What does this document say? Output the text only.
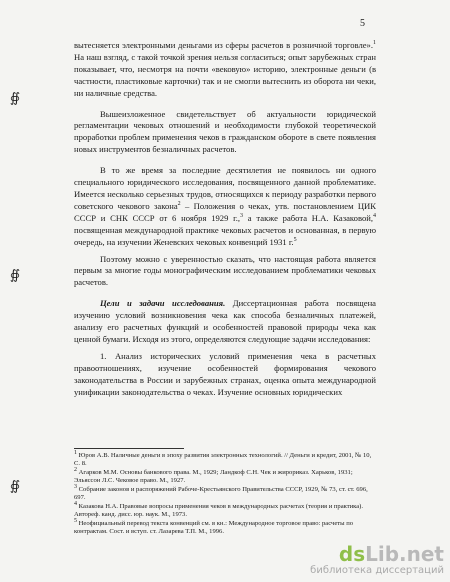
5
∯
∯
∯

вытесняется электронными деньгами из сферы расчетов в розничной торговле».$^1$ На наш взгляд, с такой точкой зрения нельзя согласиться; опыт зарубежных стран показывает, что, несмотря на почти «вековую» историю, электронные деньги (в частности, пластиковые карточки) так и не смогли вытеснить из оборота ни чеки, ни наличные средства.

Вышеизложенное свидетельствует об актуальности юридической регламентации чековых отношений и необходимости глубокой теоретической проработки проблем применения чеков в гражданском обороте в свете появления новых инструментов безналичных расчетов.

В то же время за последние десятилетия не появилось ни одного специального юридического исследования, посвященного данной проблематике. Имеется несколько серьезных трудов, относящихся к периоду разработки первого советского чекового закона$^2$ – Положения о чеках, утв. постановлением ЦИК СССР и СНК СССР от 6 ноября 1929 г.,$^3$ а также работа Н.А. Казаковой,$^4$ посвященная международной практике чековых расчетов и основанная, в первую очередь, на изучении Женевских чековых конвенций 1931 г.$^5$

Поэтому можно с уверенностью сказать, что настоящая работа является первым за многие годы монографическим исследованием проблематики чековых расчетов.

Цели и задачи исследования. Диссертационная работа посвящена изучению условий возникновения чека как способа безналичных платежей, анализу его расчетных функций и особенностей правовой природы чека как ценной бумаги. Исходя из этого, определяются следующие задачи исследования:

1. Анализ исторических условий применения чека в расчетных правоотношениях, изучение особенностей формирования чекового законодательства в России и зарубежных странах, оценка опыта международной унификации законодательства о чеках. Изучение основных юридических

$^1$ Юров А.В. Наличные деньги в эпоху развития электронных технологий. // Деньги и кредит, 2001, № 10, С. 8.
$^2$ Агарков М.М. Основы банкового права. М., 1929; Ландкоф С.Н. Чек и жирориказ. Харьков, 1931; Эльяссон Л.С. Чековое право. М., 1927.
$^3$ Собрание законов и распоряжений Рабоче-Крестьянского Правительства СССР, 1929, № 73, ст. ст. 696, 697.
$^4$ Казакова Н.А. Правовые вопросы применения чеков в международных расчетах (теория и практика). Автореф. канд. дисс. юр. наук. М., 1973.
$^5$ Неофициальный перевод текста конвенций см. в кн.: Международное торговое право: расчеты по контрактам. Сост. и вступ. ст. Лазарева Т.П. М., 1996.
dsLib.net
библиотека диссертаций
